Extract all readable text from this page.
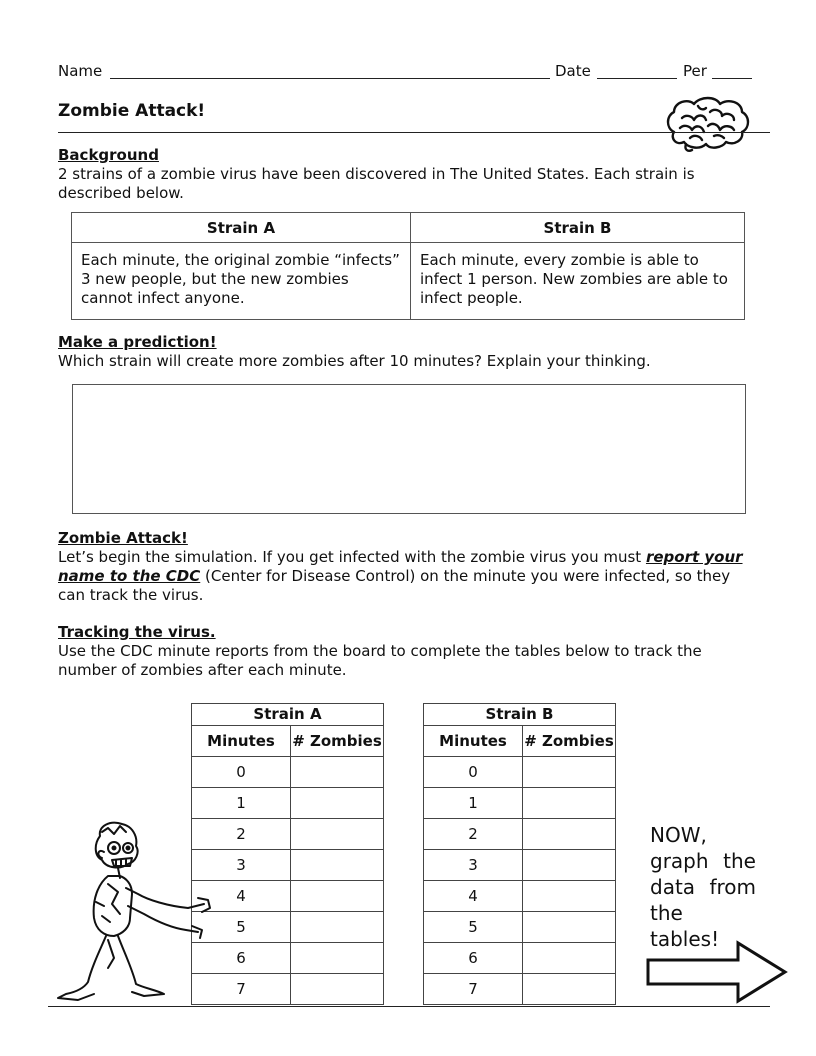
Name	Date	Per
Zombie Attack!
Background
2 strains of a zombie virus have been discovered in The United States. Each strain is described below.
Strain A	Strain B
Each minute, the original zombie “infects” 3 new people, but the new zombies cannot infect anyone.	Each minute, every zombie is able to infect 1 person. New zombies are able to infect people.
Make a prediction!
Which strain will create more zombies after 10 minutes? Explain your thinking.
Zombie Attack!
Let’s begin the simulation. If you get infected with the zombie virus you must report your name to the CDC (Center for Disease Control) on the minute you were infected, so they can track the virus.
Tracking the virus.
Use the CDC minute reports from the board to complete the tables below to track the number of zombies after each minute.
Strain A	
Minutes	# Zombies
0	
1	
2	
3	
4	
5	
6	
7	
Strain B	
Minutes	# Zombies
0	
1	
2	
3	
4	
5	
6	
7	
NOW,
graph the
data from
the tables!
